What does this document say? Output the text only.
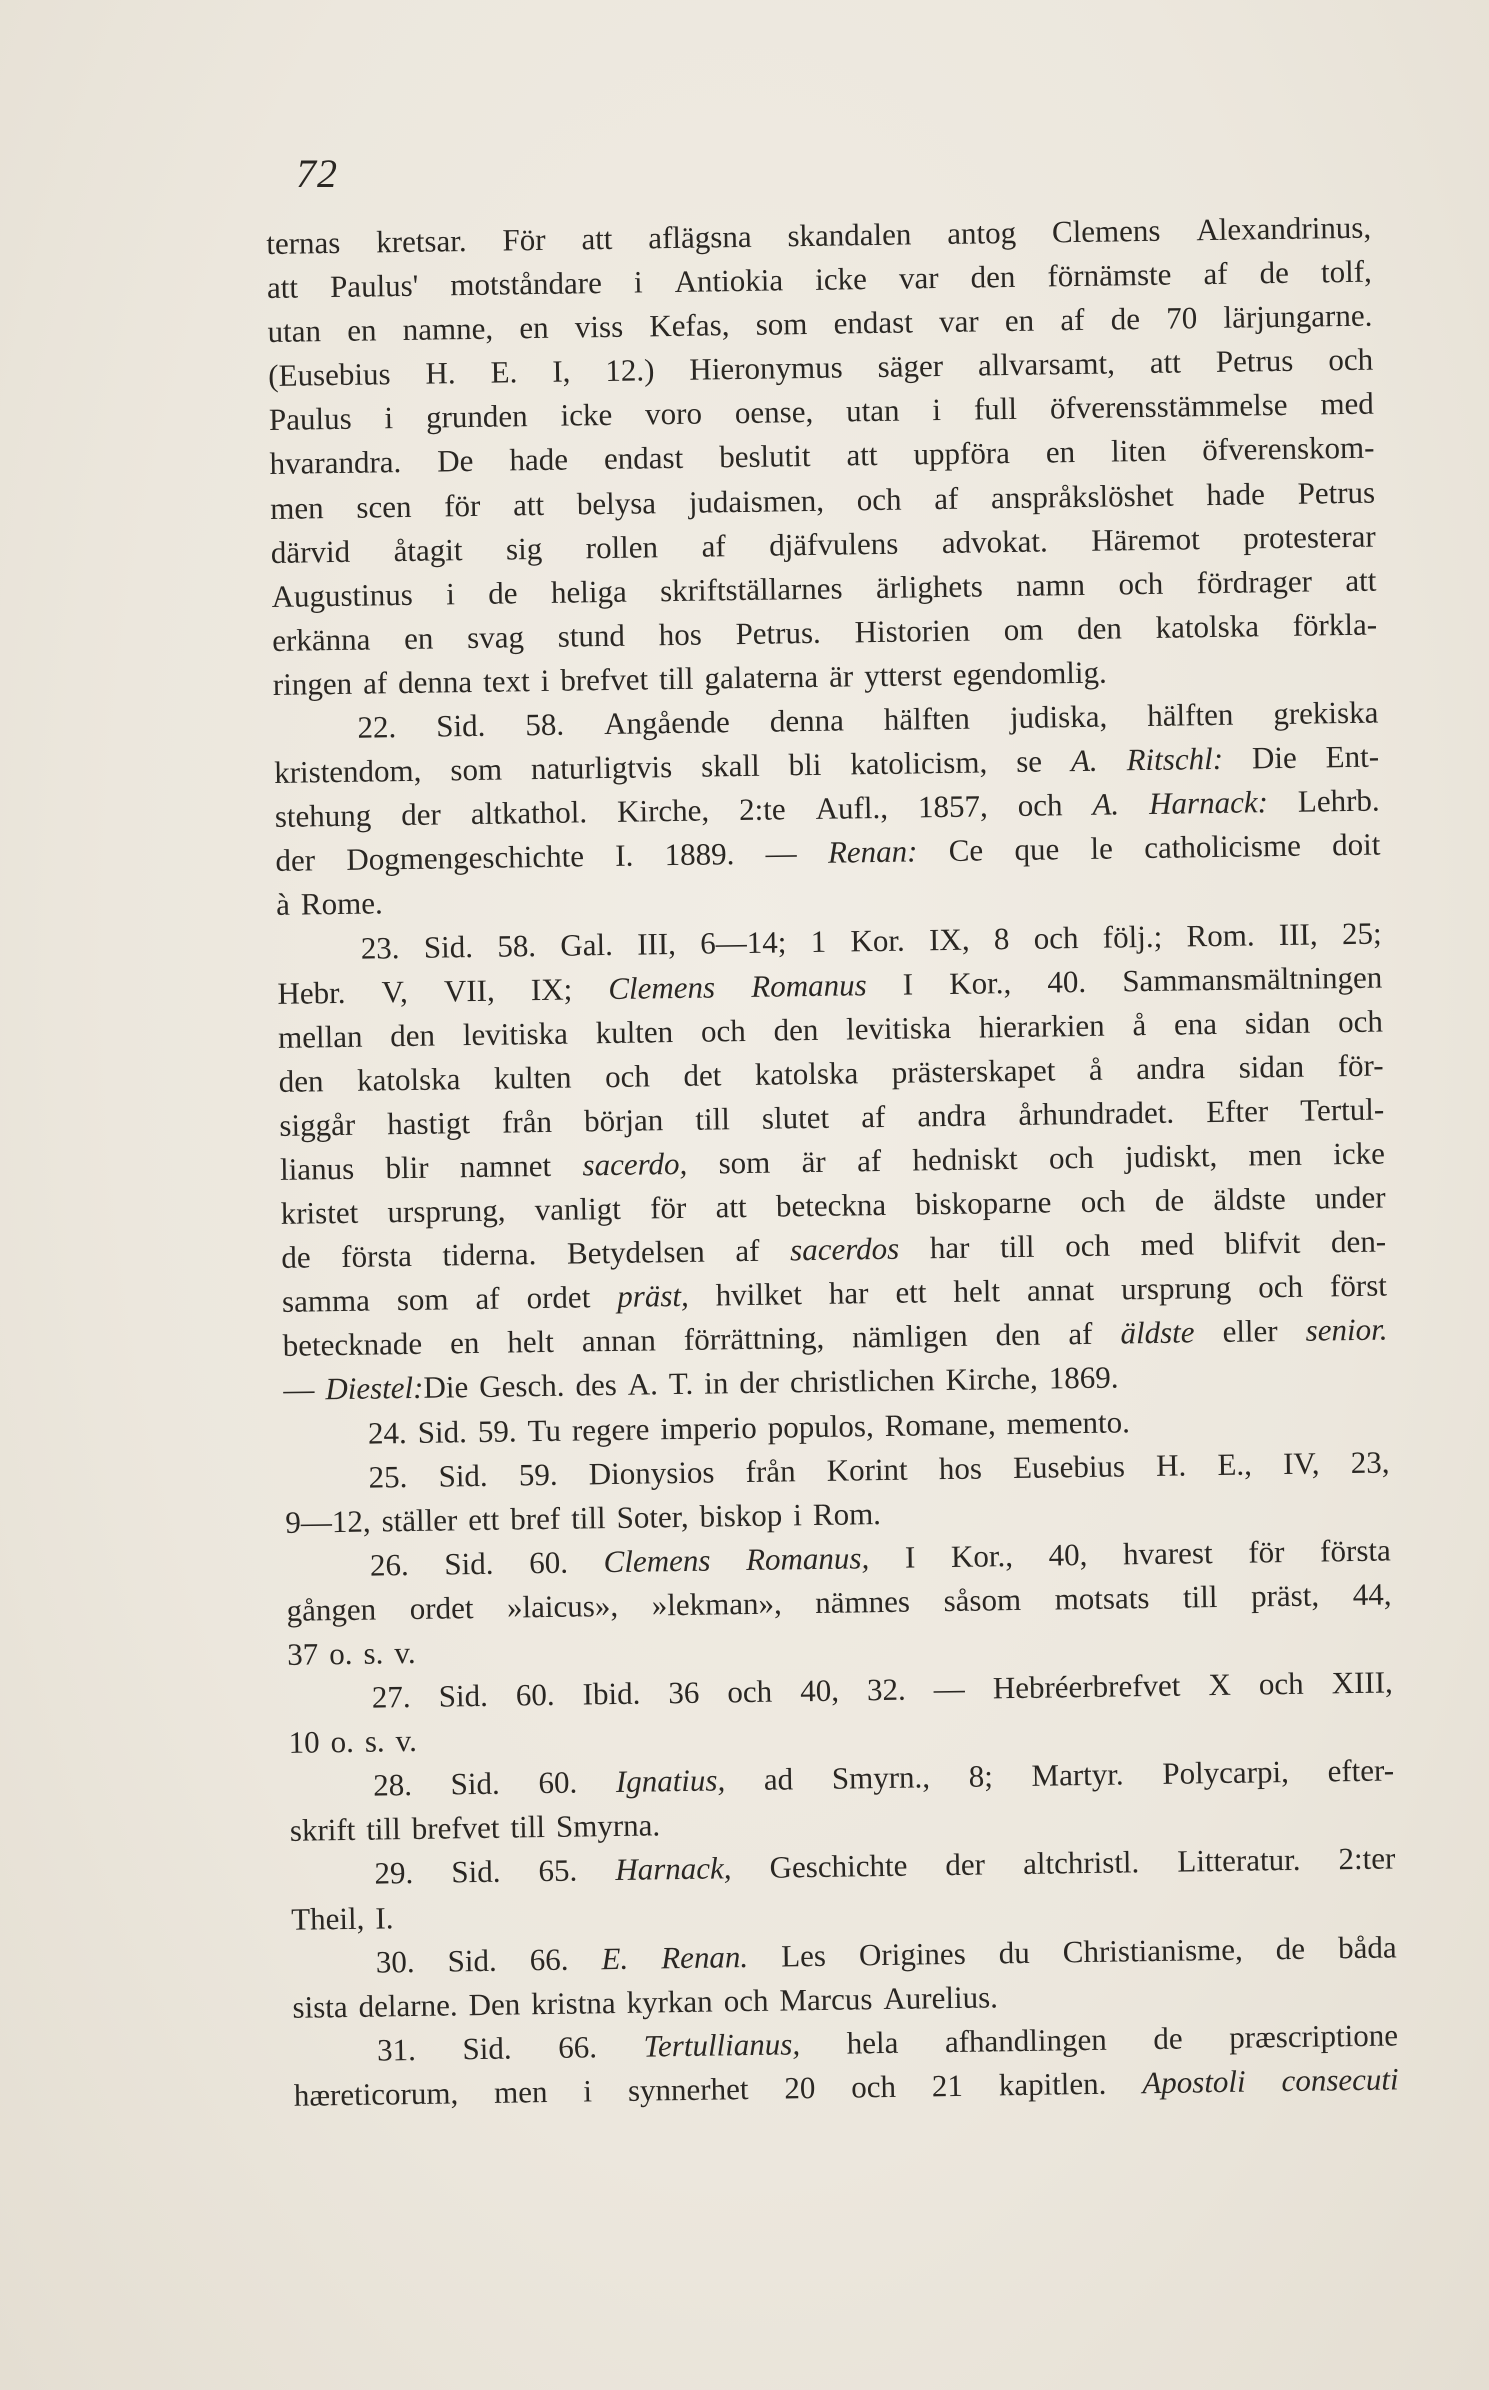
72
ternas kretsar. För att aflägsna skandalen antog Clemens Alexandrinus,
att Paulus' motståndare i Antiokia icke var den förnämste af de tolf,
utan en namne, en viss Kefas, som endast var en af de 70 lärjungarne.
(Eusebius H. E. I, 12.) Hieronymus säger allvarsamt, att Petrus och
Paulus i grunden icke voro oense, utan i full öfverensstämmelse med
hvarandra. De hade endast beslutit att uppföra en liten öfverenskom-
men scen för att belysa judaismen, och af anspråkslöshet hade Petrus
därvid åtagit sig rollen af djäfvulens advokat. Häremot protesterar
Augustinus i de heliga skriftställarnes ärlighets namn och fördrager att
erkänna en svag stund hos Petrus. Historien om den katolska förkla-
ringen af denna text i brefvet till galaterna är ytterst egendomlig.
22. Sid. 58. Angående denna hälften judiska, hälften grekiska
kristendom, som naturligtvis skall bli katolicism, se A. Ritschl: Die Ent-
stehung der altkathol. Kirche, 2:te Aufl., 1857, och A. Harnack: Lehrb.
der Dogmengeschichte I. 1889. — Renan: Ce que le catholicisme doit
à Rome.
23. Sid. 58. Gal. III, 6—14; 1 Kor. IX, 8 och följ.; Rom. III, 25;
Hebr. V, VII, IX; Clemens Romanus I Kor., 40. Sammansmältningen
mellan den levitiska kulten och den levitiska hierarkien å ena sidan och
den katolska kulten och det katolska prästerskapet å andra sidan för-
siggår hastigt från början till slutet af andra århundradet. Efter Tertul-
lianus blir namnet sacerdo, som är af hedniskt och judiskt, men icke
kristet ursprung, vanligt för att beteckna biskoparne och de äldste under
de första tiderna. Betydelsen af sacerdos har till och med blifvit den-
samma som af ordet präst, hvilket har ett helt annat ursprung och först
betecknade en helt annan förrättning, nämligen den af äldste eller senior.
— Diestel: Die Gesch. des A. T. in der christlichen Kirche, 1869.
24. Sid. 59. Tu regere imperio populos, Romane, memento.
25. Sid. 59. Dionysios från Korint hos Eusebius H. E., IV, 23,
9—12, ställer ett bref till Soter, biskop i Rom.
26. Sid. 60. Clemens Romanus, I Kor., 40, hvarest för första
gången ordet »laicus», »lekman», nämnes såsom motsats till präst, 44,
37 o. s. v.
27. Sid. 60. Ibid. 36 och 40, 32. — Hebréerbrefvet X och XIII,
10 o. s. v.
28. Sid. 60. Ignatius, ad Smyrn., 8; Martyr. Polycarpi, efter-
skrift till brefvet till Smyrna.
29. Sid. 65. Harnack, Geschichte der altchristl. Litteratur. 2:ter
Theil, I.
30. Sid. 66. E. Renan. Les Origines du Christianisme, de båda
sista delarne. Den kristna kyrkan och Marcus Aurelius.
31. Sid. 66. Tertullianus, hela afhandlingen de præscriptione
hæreticorum, men i synnerhet 20 och 21 kapitlen. Apostoli consecuti
